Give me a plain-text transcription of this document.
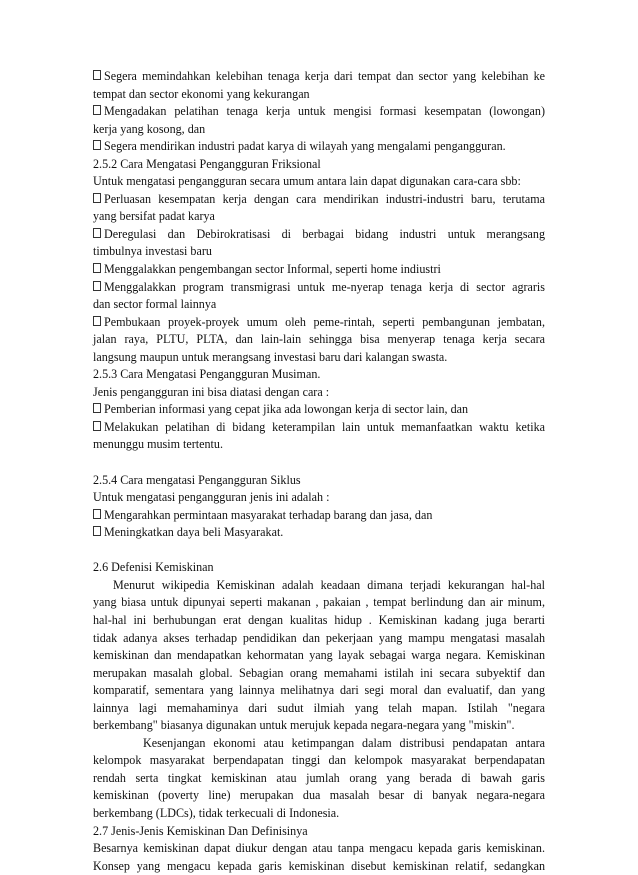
Segera memindahkan kelebihan tenaga kerja dari tempat dan sector yang kelebihan ke
tempat dan sector ekonomi yang kekurangan
Mengadakan pelatihan tenaga kerja untuk mengisi formasi kesempatan (lowongan)
kerja yang kosong, dan
Segera mendirikan industri padat karya di wilayah yang mengalami pengangguran.
2.5.2 Cara Mengatasi Pengangguran Friksional
Untuk mengatasi pengangguran secara umum antara lain dapat digunakan cara-cara sbb:
Perluasan kesempatan kerja dengan cara mendirikan industri-industri baru, terutama
yang bersifat padat karya
Deregulasi dan Debirokratisasi di berbagai bidang industri untuk merangsang
timbulnya investasi baru
Menggalakkan pengembangan sector Informal, seperti home indiustri
Menggalakkan program transmigrasi untuk me-nyerap tenaga kerja di sector agraris
dan sector formal lainnya
Pembukaan proyek-proyek umum oleh peme-rintah, seperti pembangunan jembatan,
jalan raya, PLTU, PLTA, dan lain-lain sehingga bisa menyerap tenaga kerja secara
langsung maupun untuk merangsang investasi baru dari kalangan swasta.
2.5.3 Cara Mengatasi Pengangguran Musiman.
Jenis pengangguran ini bisa diatasi dengan cara :
Pemberian informasi yang cepat jika ada lowongan kerja di sector lain, dan
Melakukan pelatihan di bidang keterampilan lain untuk memanfaatkan waktu ketika
menunggu musim tertentu.
2.5.4 Cara mengatasi Pengangguran Siklus
Untuk mengatasi pengangguran jenis ini adalah :
Mengarahkan permintaan masyarakat terhadap barang dan jasa, dan
Meningkatkan daya beli Masyarakat.
2.6 Defenisi Kemiskinan
Menurut wikipedia Kemiskinan adalah keadaan dimana terjadi kekurangan hal-hal
yang biasa untuk dipunyai seperti makanan , pakaian , tempat berlindung dan air minum,
hal-hal ini berhubungan erat dengan kualitas hidup . Kemiskinan kadang juga berarti
tidak adanya akses terhadap pendidikan dan pekerjaan yang mampu mengatasi masalah
kemiskinan dan mendapatkan kehormatan yang layak sebagai warga negara. Kemiskinan
merupakan masalah global. Sebagian orang memahami istilah ini secara subyektif dan
komparatif, sementara yang lainnya melihatnya dari segi moral dan evaluatif, dan yang
lainnya lagi memahaminya dari sudut ilmiah yang telah mapan. Istilah "negara
berkembang" biasanya digunakan untuk merujuk kepada negara-negara yang "miskin".
Kesenjangan ekonomi atau ketimpangan dalam distribusi pendapatan antara
kelompok masyarakat berpendapatan tinggi dan kelompok masyarakat berpendapatan
rendah serta tingkat kemiskinan atau jumlah orang yang berada di bawah garis
kemiskinan (poverty line) merupakan dua masalah besar di banyak negara-negara
berkembang (LDCs), tidak terkecuali di Indonesia.
2.7 Jenis-Jenis Kemiskinan Dan Definisinya
Besarnya kemiskinan dapat diukur dengan atau tanpa mengacu kepada garis kemiskinan.
Konsep yang mengacu kepada garis kemiskinan disebut kemiskinan relatif, sedangkan
